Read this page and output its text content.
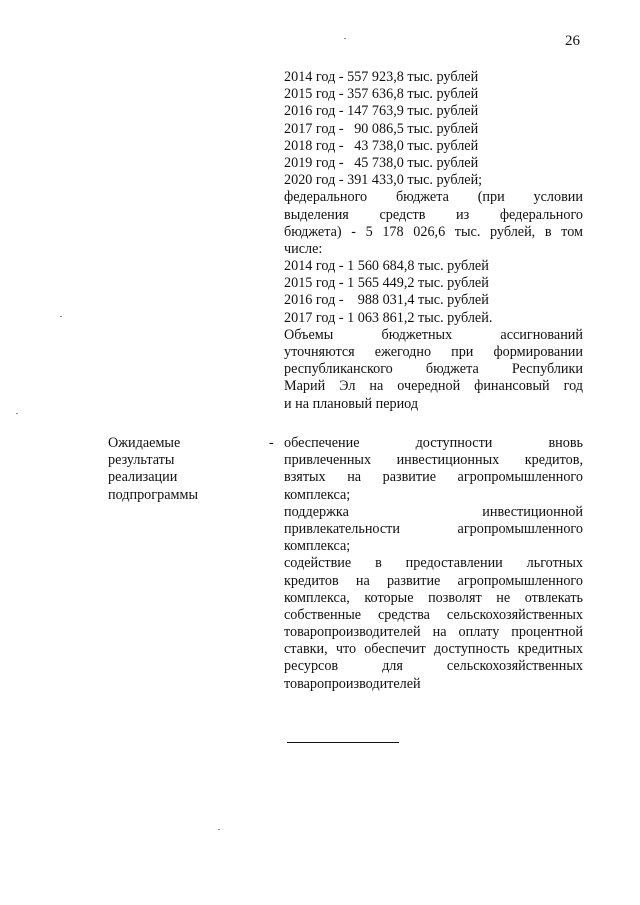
26
2014 год - 557 923,8 тыс. рублей
2015 год - 357 636,8 тыс. рублей
2016 год - 147 763,9 тыс. рублей
2017 год -   90 086,5 тыс. рублей
2018 год -   43 738,0 тыс. рублей
2019 год -   45 738,0 тыс. рублей
2020 год - 391 433,0 тыс. рублей;
федерального бюджета (при условии
выделения средств из федерального
бюджета) - 5 178 026,6 тыс. рублей, в том
числе:
2014 год - 1 560 684,8 тыс. рублей
2015 год - 1 565 449,2 тыс. рублей
2016 год -    988 031,4 тыс. рублей
2017 год - 1 063 861,2 тыс. рублей.
Объемы бюджетных ассигнований
уточняются ежегодно при формировании
республиканского бюджета Республики
Марий Эл на очередной финансовый год
и на плановый период
Ожидаемые
результаты
реализации
подпрограммы
- обеспечение доступности вновь
привлеченных инвестиционных кредитов,
взятых на развитие агропромышленного
комплекса;
поддержка инвестиционной
привлекательности агропромышленного
комплекса;
содействие в предоставлении льготных
кредитов на развитие агропромышленного
комплекса, которые позволят не отвлекать
собственные средства сельскохозяйственных
товаропроизводителей на оплату процентной
ставки, что обеспечит доступность кредитных
ресурсов для сельскохозяйственных
товаропроизводителей
